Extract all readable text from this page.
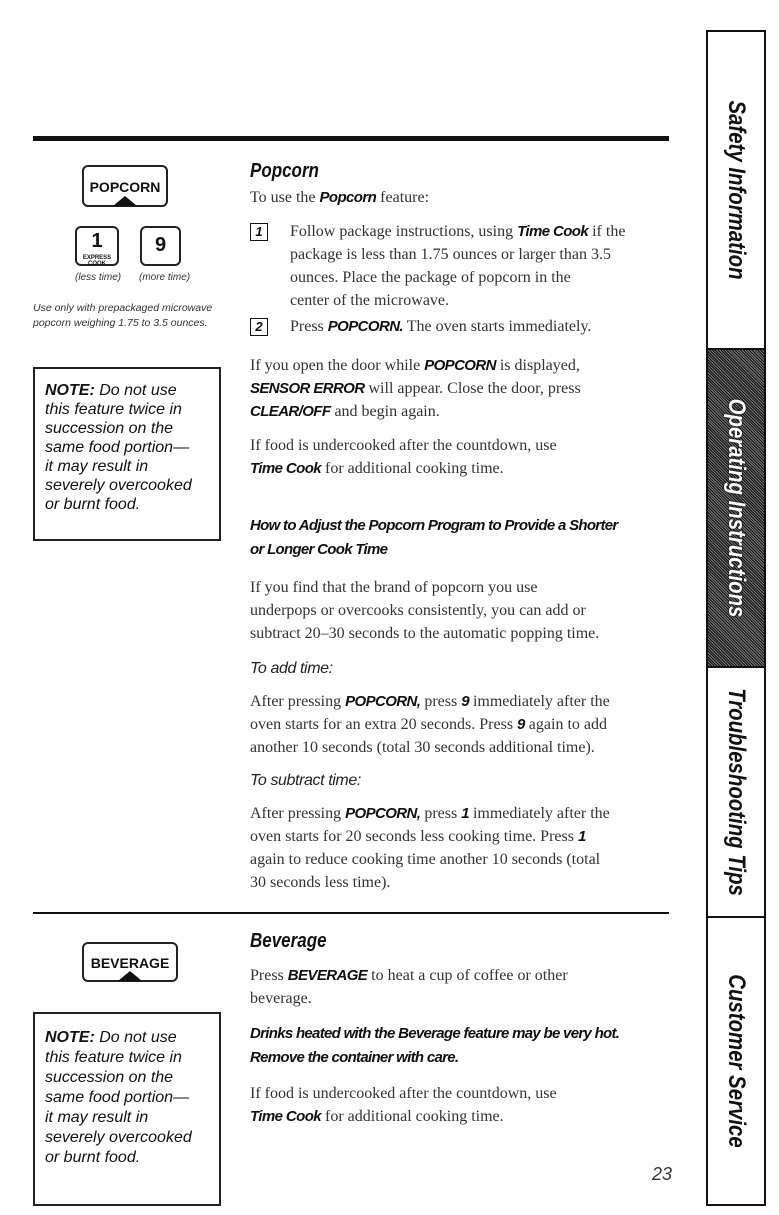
POPCORN
1
EXPRESS COOK
9
(less time) (more time)
Use only with prepackaged microwave
popcorn weighing 1.75 to 3.5 ounces.
NOTE: Do not use
this feature twice in
succession on the
same food portion—
it may result in
severely overcooked
or burnt food.
Popcorn
To use the Popcorn feature:
1	Follow package instructions, using Time Cook if the
package is less than 1.75 ounces or larger than 3.5
ounces. Place the package of popcorn in the
center of the microwave.
2	Press POPCORN. The oven starts immediately.
If you open the door while POPCORN is displayed,
SENSOR ERROR will appear. Close the door, press
CLEAR/OFF and begin again.
If food is undercooked after the countdown, use
Time Cook for additional cooking time.
How to Adjust the Popcorn Program to Provide a Shorter
or Longer Cook Time
If you find that the brand of popcorn you use
underpops or overcooks consistently, you can add or
subtract 20–30 seconds to the automatic popping time.
To add time:
After pressing POPCORN, press 9 immediately after the
oven starts for an extra 20 seconds. Press 9 again to add
another 10 seconds (total 30 seconds additional time).
To subtract time:
After pressing POPCORN, press 1 immediately after the
oven starts for 20 seconds less cooking time. Press 1
again to reduce cooking time another 10 seconds (total
30 seconds less time).
BEVERAGE
NOTE: Do not use
this feature twice in
succession on the
same food portion—
it may result in
severely overcooked
or burnt food.
Beverage
Press BEVERAGE to heat a cup of coffee or other
beverage.
Drinks heated with the Beverage feature may be very hot.
Remove the container with care.
If food is undercooked after the countdown, use
Time Cook for additional cooking time.
23
Safety Information
Operating Instructions
Troubleshooting Tips
Customer Service
